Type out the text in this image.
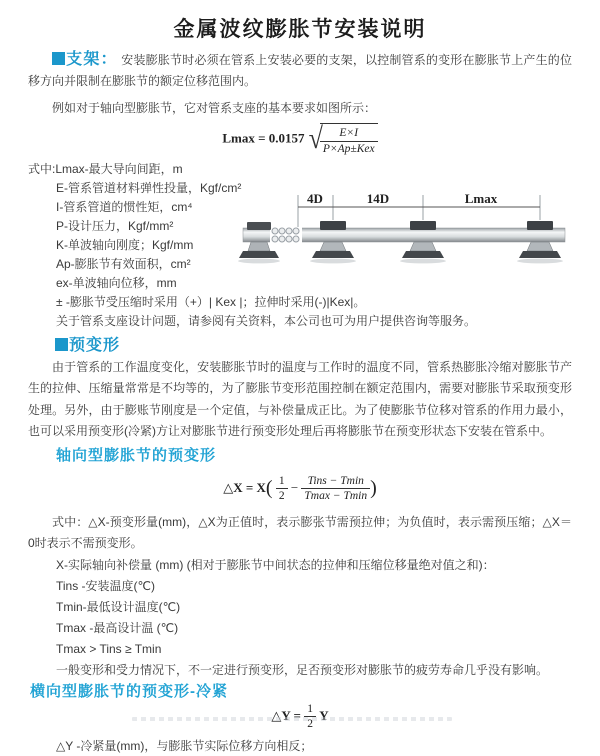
金属波纹膨胀节安装说明

支架： 安装膨胀节时必须在管系上安装必要的支架，以控制管系的变形在膨胀节上产生的位移方向并限制在膨胀节的额定位移范围内。

例如对于轴向型膨胀节，它对管系支座的基本要求如图所示：

Lmax = 0.0157 √
$\frac{E\times I}{\text{P×Ap±Kex}}$
式中:Lmax-最大导向间距，m
E-管系管道材料弹性投量，Kgf/cm²
I-管系管道的惯性矩，cm⁴
P-设计压力，Kgf/mm²
K-单波轴向刚度；Kgf/mm
Ap-膨胀节有效面积，cm²
ex-单波轴向位移，mm
± -膨胀节受压缩时采用（+）| Kex |；拉伸时采用(-)|Kex|。
关于管系支座设计问题，请参阅有关资料，本公司也可为用户提供咨询等服务。
4D	14D	Lmax
预变形

由于管系的工作温度变化，安装膨胀节时的温度与工作时的温度不同，管系热膨胀冷缩对膨胀节产生的拉伸、压缩量常常是不均等的，为了膨胀节变形范围控制在额定范围内，需要对膨胀节采取预变形处理。另外，由于膨账节刚度是一个定值，与补偿量成正比。为了使膨胀节位移对管系的作用力最小，也可以采用预变形(冷紧)方让对膨胀节进行预变形处理后再将膨胀节在预变形状态下安装在管系中。

轴向型膨胀节的预变形
△X = $X( \frac{1}{2} - \frac{\text{Tins − Tmin}}{Tmax - Tmin}$ )

式中：△X-预变形量(mm)，△X为正值时，表示膨张节需预拉伸；为负值时，表示需预压缩；△X＝0时表示不需预变形。

X-实际轴向补偿量 (mm) (相对于膨胀节中间状态的拉伸和压缩位移量绝对值之和)：
Tins -安装温度(℃)
Tmin-最低设计温度(℃)
Tmax -最高设计温 (℃)
Tmax > Tins ≥ Tmin
一般变形和受力情况下，不一定进行预变形，足否预变形对膨胀节的疲劳寿命几乎没有影响。
横向型膨胀节的预变形-冷紧
△Y = $\frac{1}{2}$ Y
△Y -冷紧量(mm)，与膨胀节实际位移方向相反；
